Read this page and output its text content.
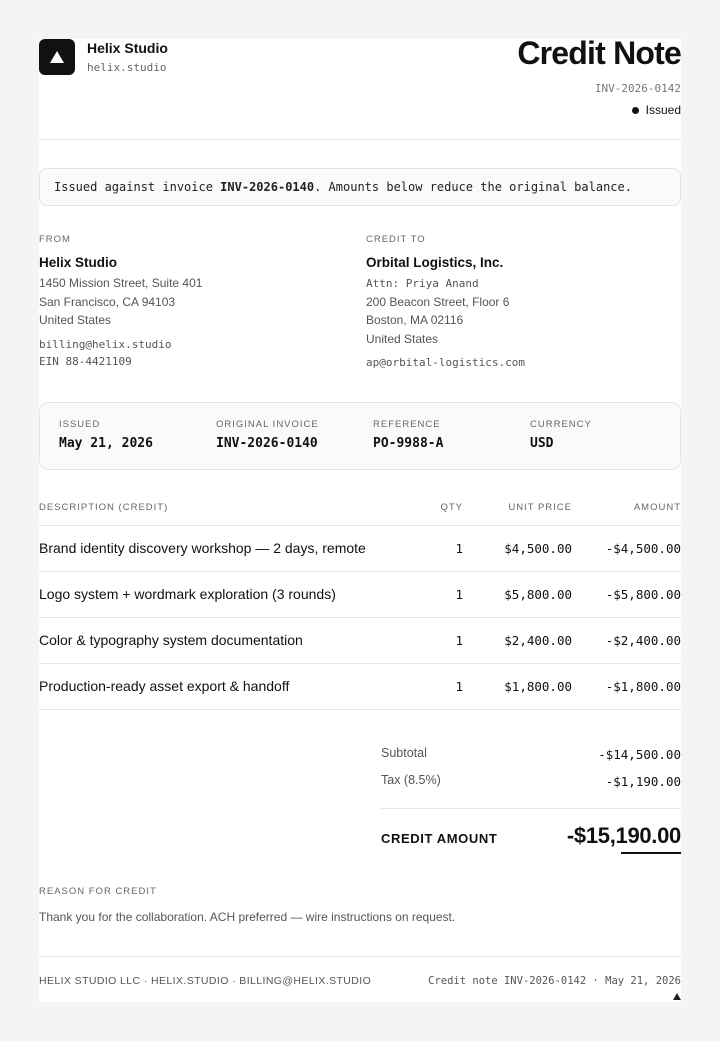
Helix Studio
helix.studio	Credit Note
INV-2026-0142
Issued
Issued against invoice INV-2026-0140 . Amounts below reduce the original balance.
FROM
Helix Studio
1450 Mission Street, Suite 401
San Francisco, CA 94103
United States
billing@helix.studio
EIN 88-4421109
CREDIT TO
Orbital Logistics, Inc.
Attn: Priya Anand
200 Beacon Street, Floor 6
Boston, MA 02116
United States
ap@orbital-logistics.com
ISSUED
May 21, 2026
ORIGINAL INVOICE
INV-2026-0140
REFERENCE
PO-9988-A
CURRENCY
USD
DESCRIPTION (CREDIT)	QTY	UNIT PRICE	AMOUNT
Brand identity discovery workshop — 2 days, remote	1	$4,500.00	-$4,500.00
Logo system + wordmark exploration (3 rounds)	1	$5,800.00	-$5,800.00
Color & typography system documentation	1	$2,400.00	-$2,400.00
Production-ready asset export & handoff	1	$1,800.00	-$1,800.00
Subtotal	-$14,500.00
Tax (8.5%)	-$1,190.00
CREDIT AMOUNT	-$15,190.00
REASON FOR CREDIT
Thank you for the collaboration. ACH preferred — wire instructions on request.
HELIX STUDIO LLC · HELIX.STUDIO · BILLING@HELIX.STUDIO	Credit note INV-2026-0142 · May 21, 2026
